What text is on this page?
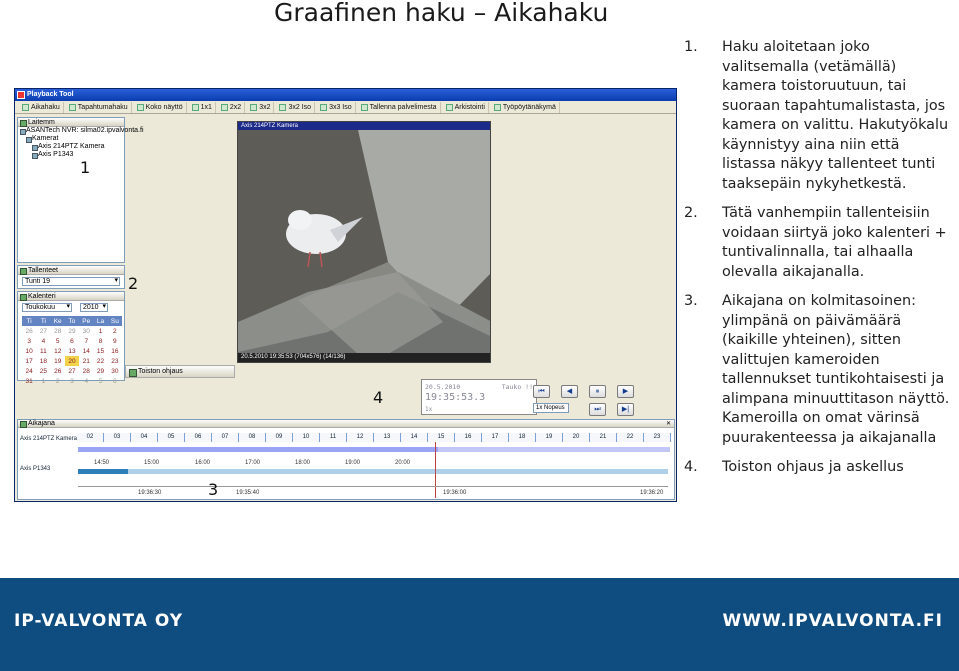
Graafinen haku – Aikahaku
1. Haku aloitetaan joko valitsemalla (vetämällä) kamera toistoruutuun, tai suoraan tapahtumalistasta, jos kamera on valittu. Hakutyökalu käynnistyy aina niin että listassa näkyy tallenteet tunti taaksepäin nykyhetkestä.
2. Tätä vanhempiin tallenteisiin voidaan siirtyä joko kalenteri + tuntivalinnalla, tai alhaalla olevalla aikajanalla.
3. Aikajana on kolmitasoinen: ylimpänä on päivämäärä (kaikille yhteinen), sitten valittujen kameroiden tallennukset tuntikohtaisesti ja alimpana minuuttitason näyttö. Kameroilla on omat värinsä puurakenteessa ja aikajanalla
4. Toiston ohjaus ja askellus
Playback Tool
Aikahaku	Tapahtumahaku	Koko näyttö	1x1	2x2	3x2	3x2 Iso	3x3 Iso	Tallenna palvelimesta	Arkistointi	Työpöytänäkymä
Laitemm
ASANTech NVR: silma02.ipvalvonta.fi
Kamerat
Axis 214PTZ Kamera
Axis P1343
Tallenteet
Tunti 19 ▾
Kalenteri
Toukokuu ▾	2010 ▾
Ti	Ti	Ke	To	Pe	La	Su
26	27	28	29	30	1	2
3	4	5	6	7	8	9
10	11	12	13	14	15	16
17	18	19	20	21	22	23
24	25	26	27	28	29	30
31	1	2	3	4	5	6
Axis 214PTZ Kamera
20.5.2010 19:35:53 (704x576) (14/136)
Toiston ohjaus
20.5.2010	Tauko !!
19:35:53.3
1x
⏮	◀	⏸	▶
⏭	▶|
1x Nopeus
Aikajana	✕
02	03	04	05	06	07	08	09	10	11	12	13	14	15	16	17	18	19	20	21	22	23
Axis 214PTZ Kamera
Axis P1343
14:50	15:00	16:00	17:00	18:00	19:00	20:00
19:36:30	19:35:40	19:36:00	19:36:20
1
2
3
4
IP-VALVONTA OY	WWW.IPVALVONTA.FI
